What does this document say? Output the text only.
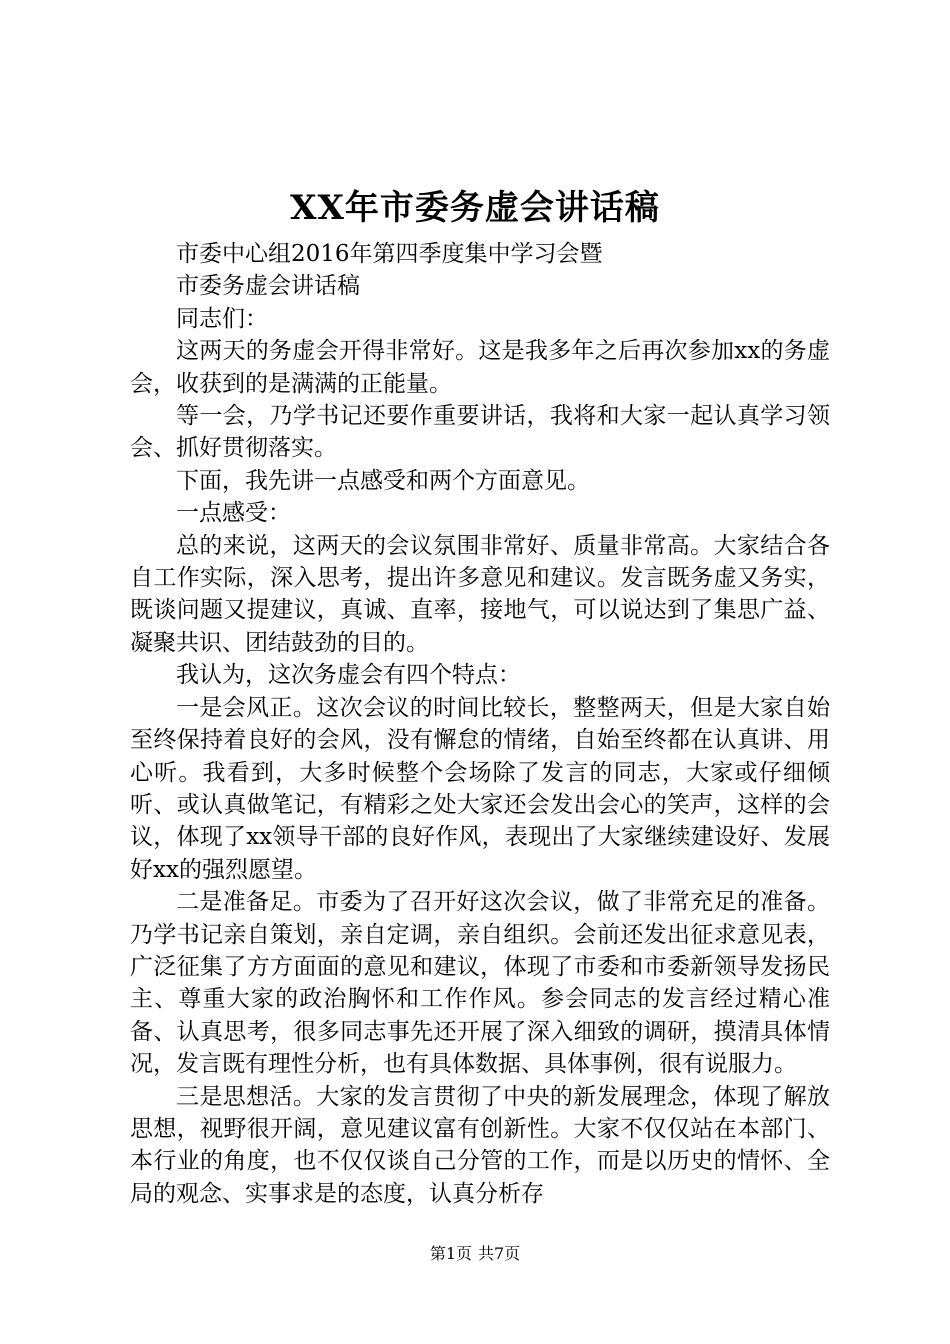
XX年市委务虚会讲话稿

市委中心组2016年第四季度集中学习会暨

市委务虚会讲话稿

同志们：

这两天的务虚会开得非常好。这是我多年之后再次参加xx的务虚会，收获到的是满满的正能量。

等一会，乃学书记还要作重要讲话，我将和大家一起认真学习领会、抓好贯彻落实。

下面，我先讲一点感受和两个方面意见。

一点感受：

总的来说，这两天的会议氛围非常好、质量非常高。大家结合各自工作实际，深入思考，提出许多意见和建议。发言既务虚又务实，既谈问题又提建议，真诚、直率，接地气，可以说达到了集思广益、凝聚共识、团结鼓劲的目的。

我认为，这次务虚会有四个特点：

一是会风正。这次会议的时间比较长，整整两天，但是大家自始至终保持着良好的会风，没有懈怠的情绪，自始至终都在认真讲、用心听。我看到，大多时候整个会场除了发言的同志，大家或仔细倾听、或认真做笔记，有精彩之处大家还会发出会心的笑声，这样的会议，体现了xx领导干部的良好作风，表现出了大家继续建设好、发展好xx的强烈愿望。

二是准备足。市委为了召开好这次会议，做了非常充足的准备。乃学书记亲自策划，亲自定调，亲自组织。会前还发出征求意见表，广泛征集了方方面面的意见和建议，体现了市委和市委新领导发扬民主、尊重大家的政治胸怀和工作作风。参会同志的发言经过精心准备、认真思考，很多同志事先还开展了深入细致的调研，摸清具体情况，发言既有理性分析，也有具体数据、具体事例，很有说服力。

三是思想活。大家的发言贯彻了中央的新发展理念，体现了解放思想，视野很开阔，意见建议富有创新性。大家不仅仅站在本部门、本行业的角度，也不仅仅谈自己分管的工作，而是以历史的情怀、全局的观念、实事求是的态度，认真分析存

第1页 共7页
